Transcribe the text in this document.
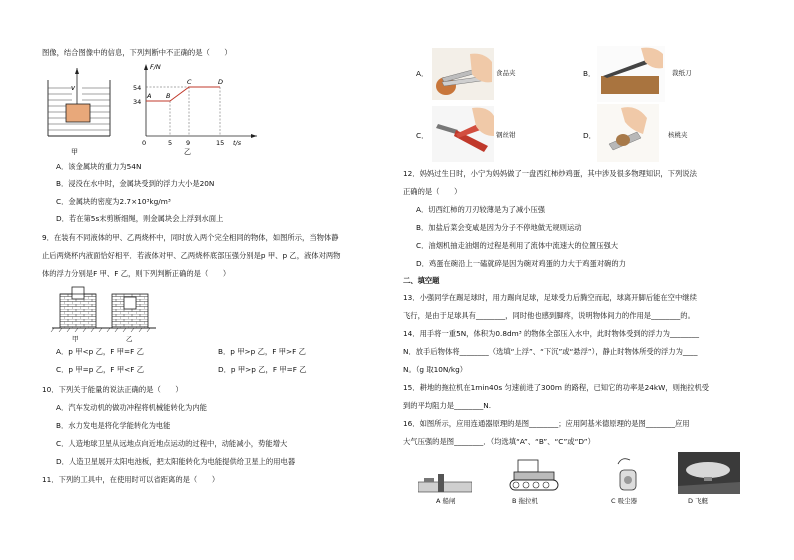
图像，结合图像中的信息，下列判断中不正确的是（　　）
v
甲
F/N
54
34
0	5 9	15 t/s
A B
C	D
乙
A．该金属块的重力为54N
B．浸没在水中时，金属块受到的浮力大小是20N
C．金属块的密度为2.7×10³kg/m³
D．若在第5s末剪断细绳，则金属块会上浮到水面上
9．在装有不同液体的甲、乙两烧杯中，同时放入两个完全相同的物体，如图所示，当物体静
止后两烧杯内液面恰好相平．若液体对甲、乙两烧杯底部压强分别是p 甲、p 乙，液体对两物
体的浮力分别是F 甲、F 乙，则下列判断正确的是（　　）
甲	乙
A．p 甲<p 乙，F 甲=F 乙	B．p 甲>p 乙，F 甲>F 乙
C．p 甲=p 乙，F 甲<F 乙	D．p 甲>p 乙，F 甲=F 乙
10．下列关于能量的说法正确的是（　　）
A．汽车发动机的做功冲程将机械能转化为内能
B．水力发电是将化学能转化为电能
C．人造地球卫星从远地点向近地点运动的过程中，动能减小，势能增大
D．人造卫星展开太阳电池板，把太阳能转化为电能提供给卫星上的用电器
11．下列的工具中，在使用时可以省距离的是（　　）
A．	食品夹	B．	裁纸刀
C．	钢丝钳	D．	核桃夹
12．妈妈过生日时，小宁为妈妈做了一盘西红柿炒鸡蛋，其中涉及很多物理知识，下列说法
正确的是（　　）
A．切西红柿的刀刃较薄是为了减小压强
B．加盐后菜会变咸是因为分子不停地做无规则运动
C．油烟机抽走油烟的过程是利用了流体中流速大的位置压强大
D．鸡蛋在碗沿上一磕就碎是因为碗对鸡蛋的力大于鸡蛋对碗的力
二、填空题
13．小强同学在踢足球时，用力踢向足球，足球受力后腾空而起，球离开脚后能在空中继续
飞行，是由于足球具有________，同时他也感到脚疼，说明物体间力的作用是________的。
14．用手将一重5N，体积为0.8dm³ 的物体全部压入水中，此时物体受到的浮力为________
N．放手后物体将________（选填“上浮”、“下沉”或“悬浮”），静止时物体所受的浮力为____
N。（g 取10N/kg）
15．耕地的拖拉机在1min40s 匀速前进了300m 的路程，已知它的功率是24kW，则拖拉机受
到的平均阻力是________N.
16．如图所示，应用连通器原理的是图________；应用阿基米德原理的是图________应用
大气压强的是图________．（均选填“A”、“B”、“C”或“D”）
A 船闸	B 拖拉机	C 吸尘器	D 飞艇
